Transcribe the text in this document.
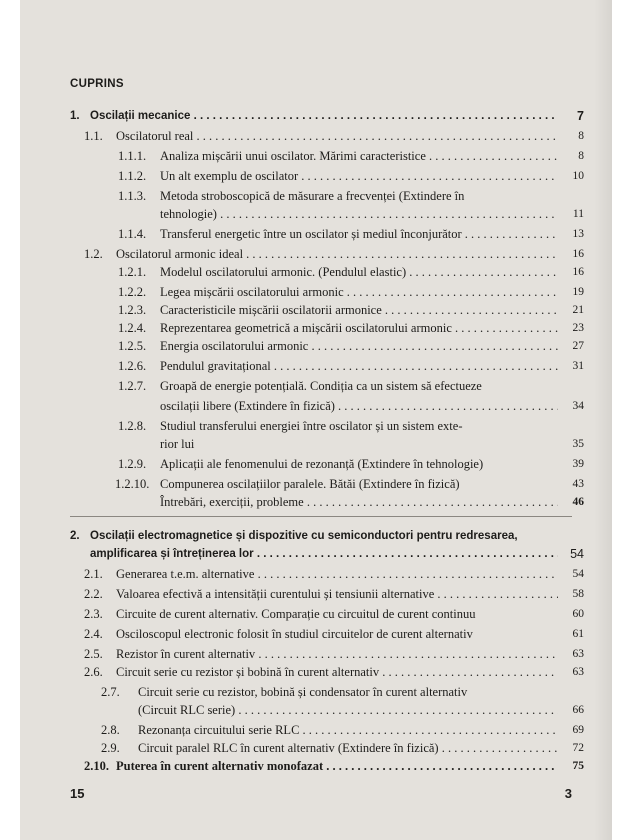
CUPRINS
1. Oscilații mecanice . . .	7
1.1. Oscilatorul real . . .	8
1.1.1. Analiza mișcării unui oscilator. Mărimi caracteristice . . .	8
1.1.2. Un alt exemplu de oscilator . . .	10
1.1.3. Metoda stroboscopică de măsurare a frecvenței (Extindere în
tehnologie) . . .	11
1.1.4. Transferul energetic între un oscilator și mediul înconjurător . . .	13
1.2. Oscilatorul armonic ideal . . .	16
1.2.1. Modelul oscilatorului armonic. (Pendulul elastic) . . .	16
1.2.2. Legea mișcării oscilatorului armonic . . .	19
1.2.3. Caracteristicile mișcării oscilatorii armonice . . .	21
1.2.4. Reprezentarea geometrică a mișcării oscilatorului armonic . . .	23
1.2.5. Energia oscilatorului armonic . . .	27
1.2.6. Pendulul gravitațional . . .	31
1.2.7. Groapă de energie potențială. Condiția ca un sistem să efectueze
oscilații libere (Extindere în fizică) . . .	34
1.2.8. Studiul transferului energiei între oscilator și un sistem exte-
rior lui	35
1.2.9. Aplicații ale fenomenului de rezonanță (Extindere în tehnologie)	39
1.2.10. Compunerea oscilațiilor paralele. Bătăi (Extindere în fizică)	43
Întrebări, exerciții, probleme . . .	46
2. Oscilații electromagnetice și dispozitive cu semiconductori pentru redresarea,
amplificarea și întreținerea lor . . .	54
2.1. Generarea t.e.m. alternative . . .	54
2.2. Valoarea efectivă a intensității curentului și tensiunii alternative . . .	58
2.3. Circuite de curent alternativ. Comparație cu circuitul de curent continuu	60
2.4. Osciloscopul electronic folosit în studiul circuitelor de curent alternativ	61
2.5. Rezistor în curent alternativ . . .	63
2.6. Circuit serie cu rezistor și bobină în curent alternativ . . .	63
2.7. Circuit serie cu rezistor, bobină și condensator în curent alternativ
(Circuit RLC serie) . . .	66
2.8. Rezonanța circuitului serie RLC . . .	69
2.9. Circuit paralel RLC în curent alternativ (Extindere în fizică) . . .	72
2.10. Puterea în curent alternativ monofazat . . .	75
15	3
